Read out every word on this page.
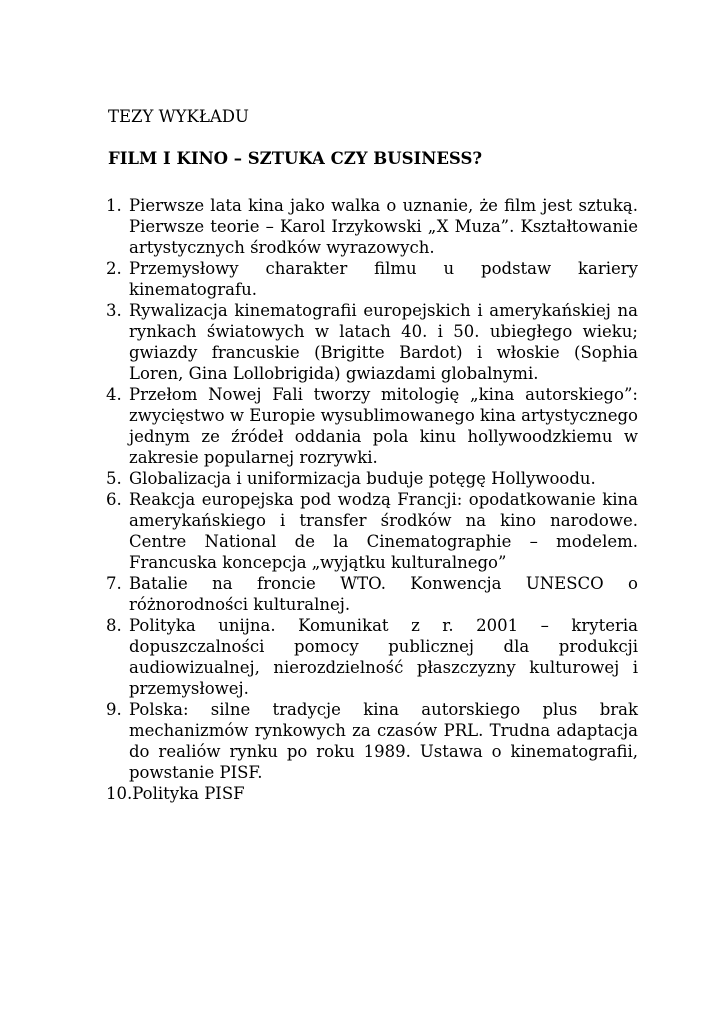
TEZY WYKŁADU
FILM I KINO – SZTUKA CZY BUSINESS?
1. Pierwsze lata kina jako walka o uznanie, że film jest sztuką. Pierwsze teorie – Karol Irzykowski „X Muza”. Kształtowanie artystycznych środków wyrazowych.
2. Przemysłowy charakter filmu u podstaw kariery kinematografu.
3. Rywalizacja kinematografii europejskich i amerykańskiej na rynkach światowych w latach 40. i 50. ubiegłego wieku; gwiazdy francuskie (Brigitte Bardot) i włoskie (Sophia Loren, Gina Lollobrigida) gwiazdami globalnymi.
4. Przełom Nowej Fali tworzy mitologię „kina autorskiego”: zwycięstwo w Europie wysublimowanego kina artystycznego jednym ze źródeł oddania pola kinu hollywoodzkiemu w zakresie popularnej rozrywki.
5. Globalizacja i uniformizacja buduje potęgę Hollywoodu.
6. Reakcja europejska pod wodzą Francji: opodatkowanie kina amerykańskiego i transfer środków na kino narodowe. Centre National de la Cinematographie – modelem. Francuska koncepcja „wyjątku kulturalnego”
7. Batalie na froncie WTO. Konwencja UNESCO o różnorodności kulturalnej.
8. Polityka unijna. Komunikat z r. 2001 – kryteria dopuszczalności pomocy publicznej dla produkcji audiowizualnej, nierozdzielność płaszczyzny kulturowej i przemysłowej.
9. Polska: silne tradycje kina autorskiego plus brak mechanizmów rynkowych za czasów PRL. Trudna adaptacja do realiów rynku po roku 1989. Ustawa o kinematografii, powstanie PISF.
10.Polityka PISF
